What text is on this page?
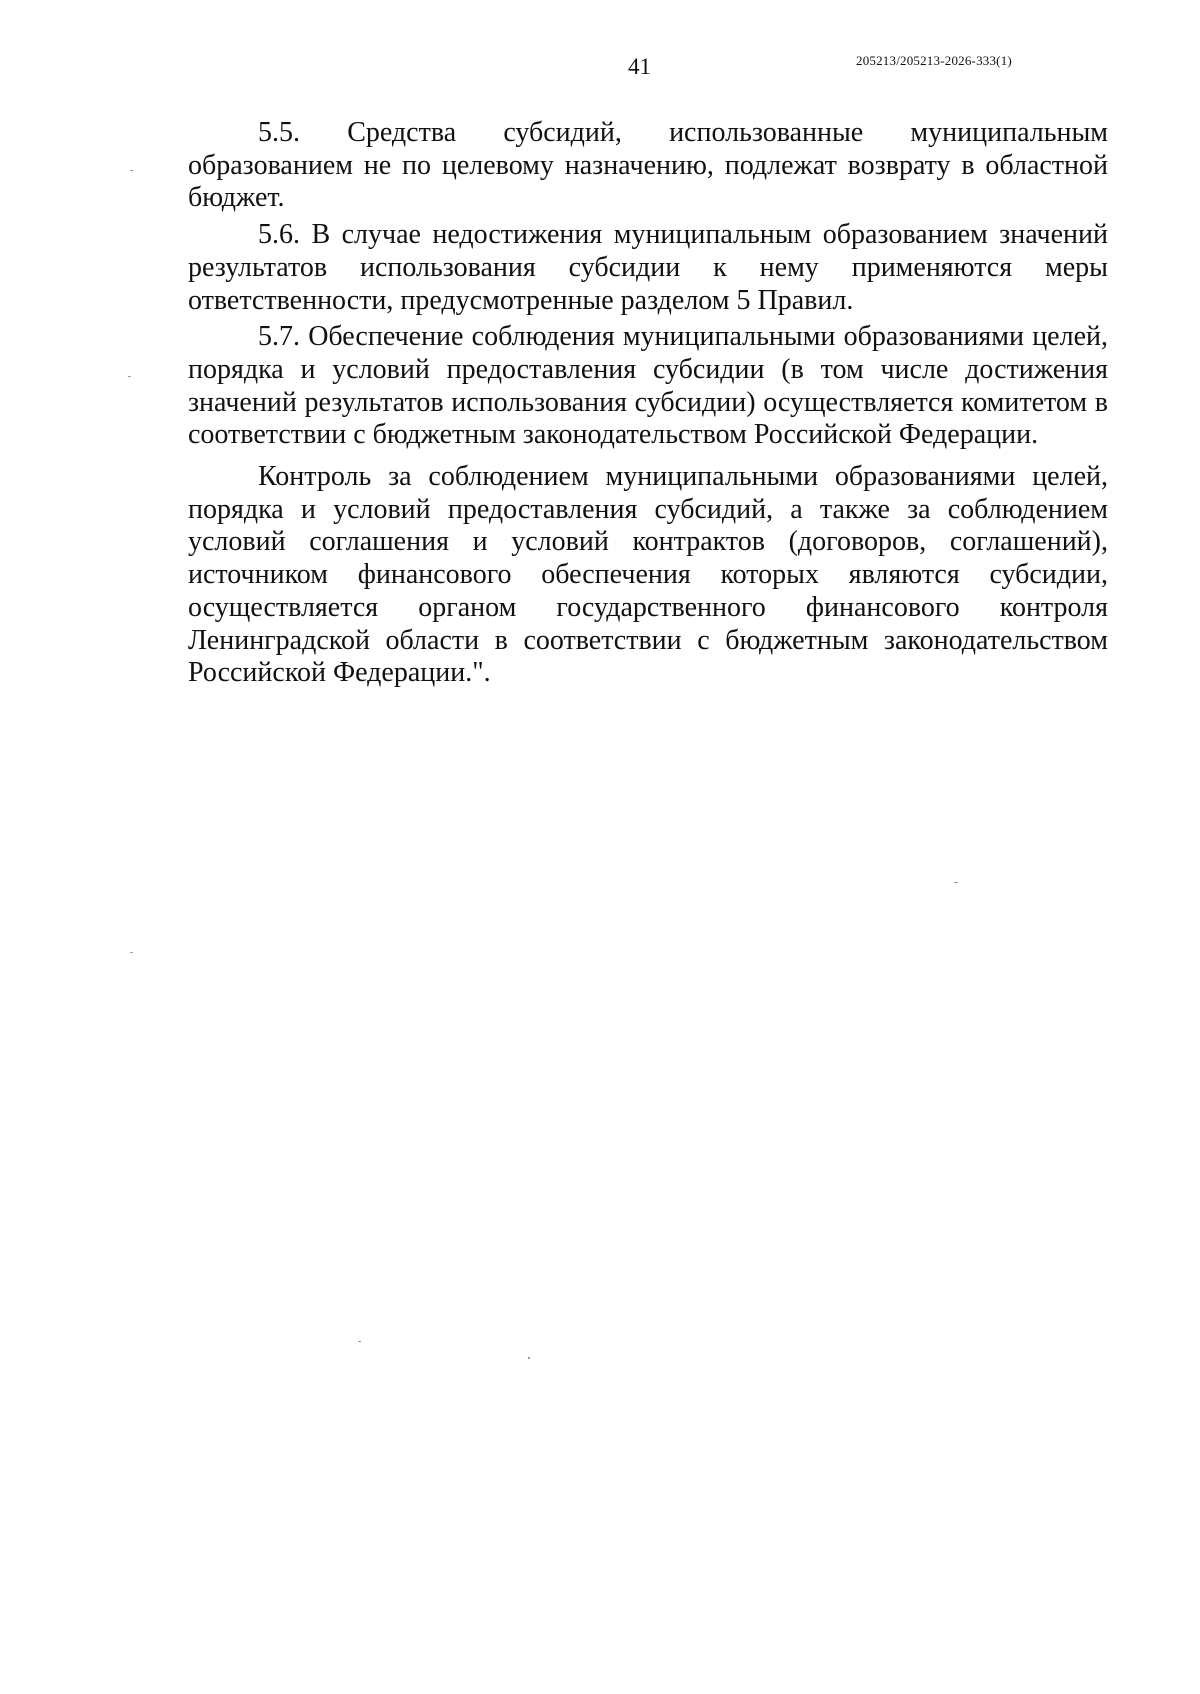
41	205213/205213-2026-333(1)

5.5. Средства субсидий, использованные муниципальным образованием не по целевому назначению, подлежат возврату в областной бюджет.

5.6. В случае недостижения муниципальным образованием значений результатов использования субсидии к нему применяются меры ответственности, предусмотренные разделом 5 Правил.

5.7. Обеспечение соблюдения муниципальными образованиями целей, порядка и условий предоставления субсидии (в том числе достижения значений результатов использования субсидии) осуществляется комитетом в соответствии с бюджетным законодательством Российской Федерации.

Контроль за соблюдением муниципальными образованиями целей, порядка и условий предоставления субсидий, а также за соблюдением условий соглашения и условий контрактов (договоров, соглашений), источником финансового обеспечения которых являются субсидии, осуществляется органом государственного финансового контроля Ленинградской области в соответствии с бюджетным законодательством Российской Федерации.".
